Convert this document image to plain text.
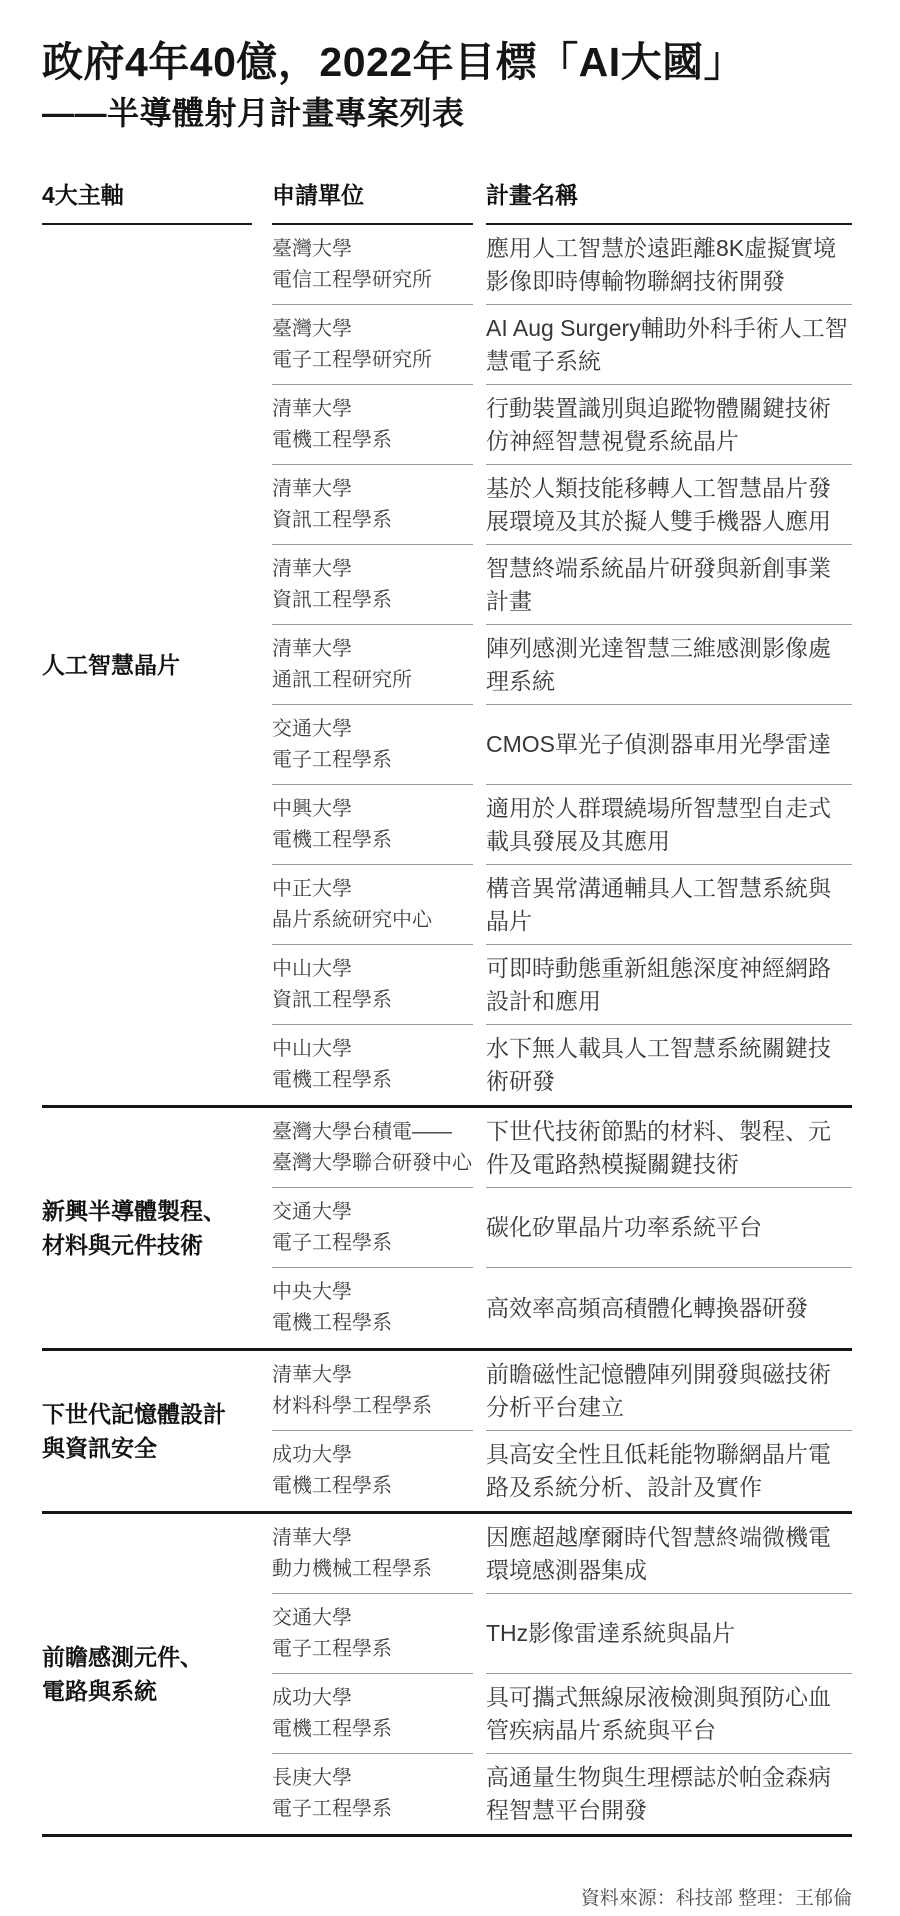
政府4年40億，2022年目標「AI大國」
——半導體射月計畫專案列表
4大主軸	申請單位	計畫名稱
人工智慧晶片
臺灣大學
電信工程學研究所
應用人工智慧於遠距離8K虛擬實境影像即時傳輸物聯網技術開發
臺灣大學
電子工程學研究所
AI Aug Surgery輔助外科手術人工智慧電子系統
清華大學
電機工程學系
行動裝置識別與追蹤物體關鍵技術仿神經智慧視覺系統晶片
清華大學
資訊工程學系
基於人類技能移轉人工智慧晶片發展環境及其於擬人雙手機器人應用
清華大學
資訊工程學系
智慧終端系統晶片研發與新創事業計畫
清華大學
通訊工程研究所
陣列感測光達智慧三維感測影像處理系統
交通大學
電子工程學系
CMOS單光子偵測器車用光學雷達
中興大學
電機工程學系
適用於人群環繞場所智慧型自走式載具發展及其應用
中正大學
晶片系統研究中心
構音異常溝通輔具人工智慧系統與晶片
中山大學
資訊工程學系
可即時動態重新組態深度神經網路設計和應用
中山大學
電機工程學系
水下無人載具人工智慧系統關鍵技術研發
新興半導體製程、
材料與元件技術
臺灣大學台積電——
臺灣大學聯合研發中心
下世代技術節點的材料、製程、元件及電路熱模擬關鍵技術
交通大學
電子工程學系
碳化矽單晶片功率系統平台
中央大學
電機工程學系
高效率高頻高積體化轉換器研發
下世代記憶體設計
與資訊安全
清華大學
材料科學工程學系
前瞻磁性記憶體陣列開發與磁技術分析平台建立
成功大學
電機工程學系
具高安全性且低耗能物聯網晶片電路及系統分析、設計及實作
前瞻感測元件、
電路與系統
清華大學
動力機械工程學系
因應超越摩爾時代智慧終端微機電環境感測器集成
交通大學
電子工程學系
THz影像雷達系統與晶片
成功大學
電機工程學系
具可攜式無線尿液檢測與預防心血管疾病晶片系統與平台
長庚大學
電子工程學系
高通量生物與生理標誌於帕金森病程智慧平台開發
資料來源：科技部 整理：王郁倫
